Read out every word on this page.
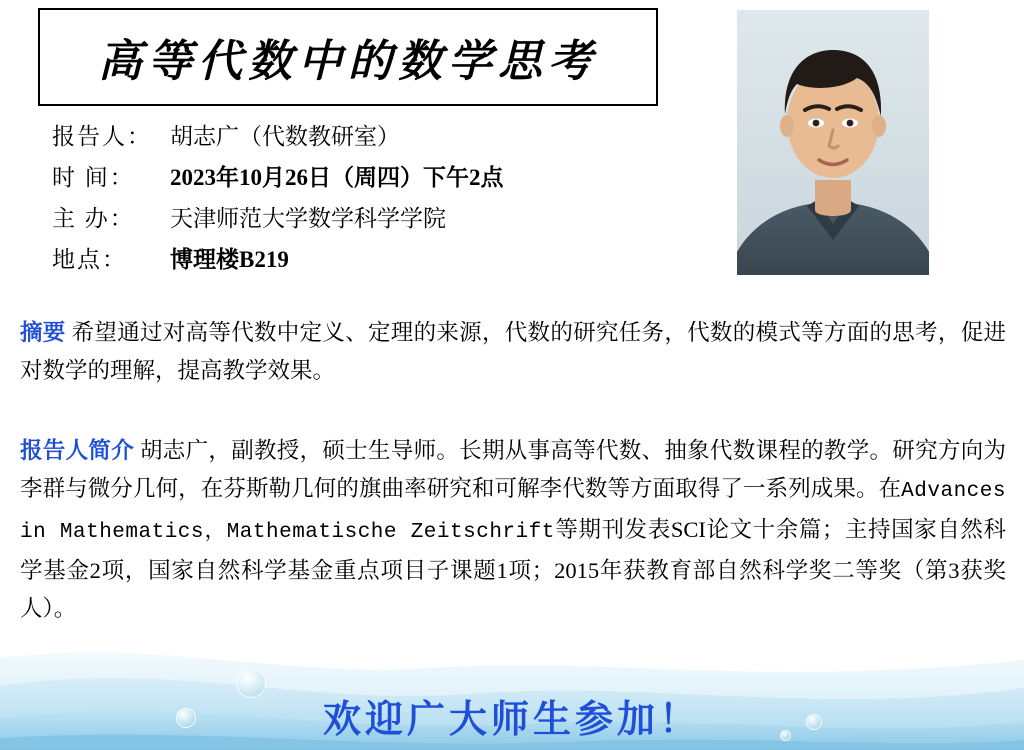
高等代数中的数学思考
报告人： 胡志广（代数教研室）
时 间：	2023年10月26日（周四）下午2点
主 办：	天津师范大学数学科学学院
地点：	博理楼B219
摘要 希望通过对高等代数中定义、定理的来源，代数的研究任务，代数的模式等方面的思考，促进对数学的理解，提高教学效果。
报告人简介 胡志广，副教授，硕士生导师。长期从事高等代数、抽象代数课程的教学。研究方向为李群与微分几何，在芬斯勒几何的旗曲率研究和可解李代数等方面取得了一系列成果。在Advances in Mathematics，Mathematische Zeitschrift等期刊发表SCI论文十余篇；主持国家自然科学基金2项，国家自然科学基金重点项目子课题1项；2015年获教育部自然科学奖二等奖（第3获奖人）。
欢迎广大师生参加！
